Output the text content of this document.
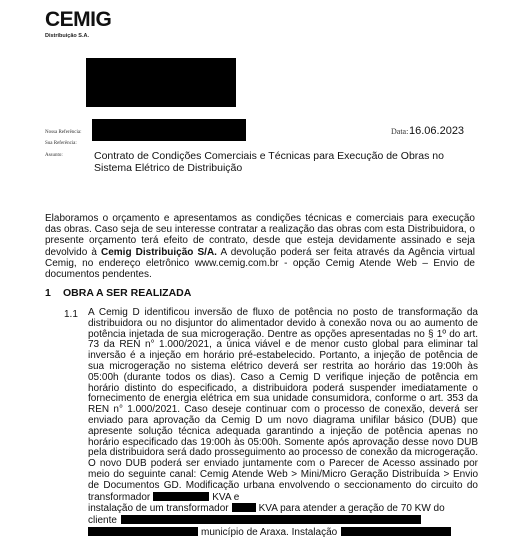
CEMIG
Distribuição S.A.
Nossa Referência:
Sua Referência:
Assunto:
Data: 16.06.2023
Contrato de Condições Comerciais e Técnicas para Execução de Obras no Sistema Elétrico de Distribuição
Elaboramos o orçamento e apresentamos as condições técnicas e comerciais para execução das obras. Caso seja de seu interesse contratar a realização das obras com esta Distribuidora, o presente orçamento terá efeito de contrato, desde que esteja devidamente assinado e seja devolvido à Cemig Distribuição S/A. A devolução poderá ser feita através da Agência virtual Cemig, no endereço eletrônico www.cemig.com.br - opção Cemig Atende Web – Envio de documentos pendentes.
1 OBRA A SER REALIZADA
1.1 A Cemig D identificou inversão de fluxo de potência no posto de transformação da distribuidora ou no disjuntor do alimentador devido à conexão nova ou ao aumento de potência injetada de sua microgeração. Dentre as opções apresentadas no § 1º do art. 73 da REN n° 1.000/2021, a única viável e de menor custo global para eliminar tal inversão é a injeção em horário pré-estabelecido. Portanto, a injeção de potência de sua microgeração no sistema elétrico deverá ser restrita ao horário das 19:00h às 05:00h (durante todos os dias). Caso a Cemig D verifique injeção de potência em horário distinto do especificado, a distribuidora poderá suspender imediatamente o fornecimento de energia elétrica em sua unidade consumidora, conforme o art. 353 da REN n° 1.000/2021. Caso deseje continuar com o processo de conexão, deverá ser enviado para aprovação da Cemig D um novo diagrama unifilar básico (DUB) que apresente solução técnica adequada garantindo a injeção de potência apenas no horário especificado das 19:00h às 05:00h. Somente após aprovação desse novo DUB pela distribuidora será dado prosseguimento ao processo de conexão da microgeração. O novo DUB poderá ser enviado juntamente com o Parecer de Acesso assinado por meio do seguinte canal: Cemig Atende Web > Mini/Micro Geração Distribuída > Envio de Documentos GD. Modificação urbana envolvendo o seccionamento do circuito do transformador	KVA e
instalação de um transformador	KVA para atender a geração de 70 KW do
cliente
município de Araxa. Instalação
